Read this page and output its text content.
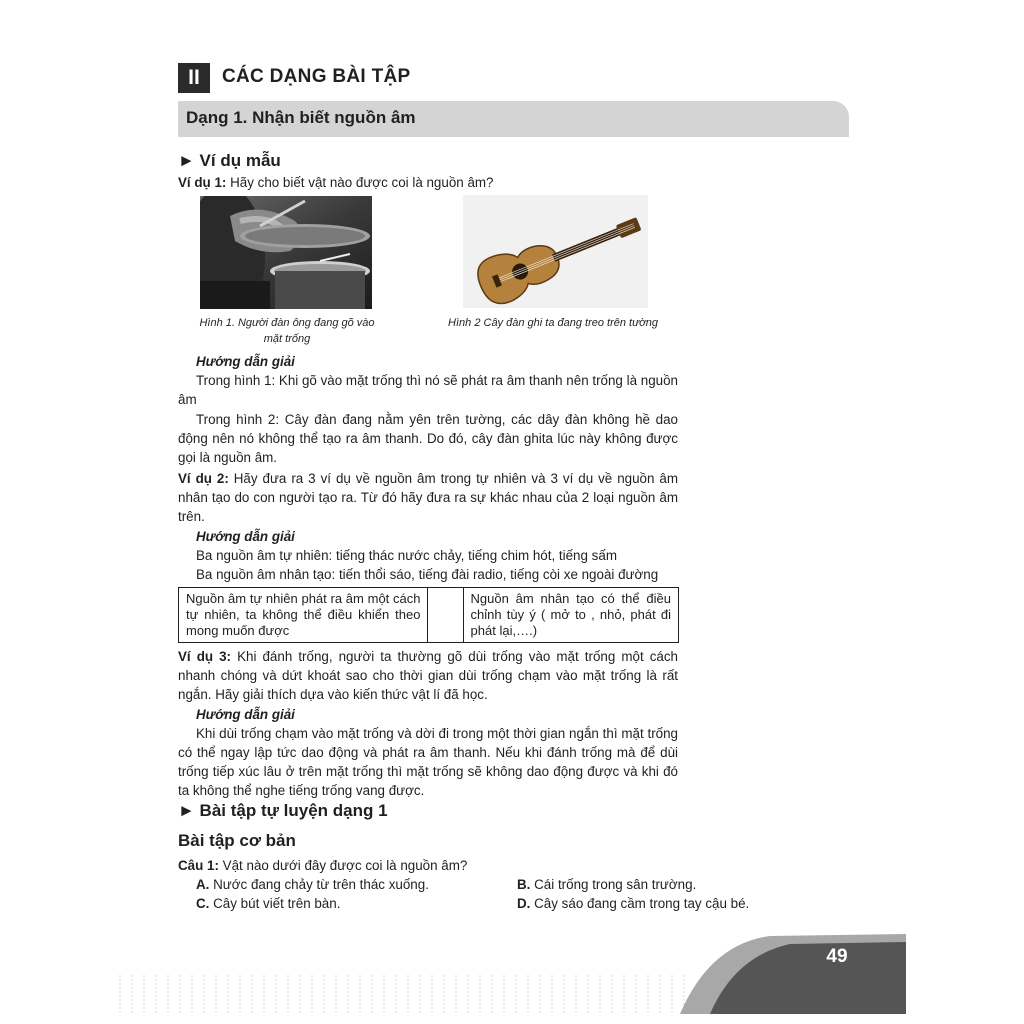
II	CÁC DẠNG BÀI TẬP
Dạng 1. Nhận biết nguồn âm
► Ví dụ mẫu
Ví dụ 1: Hãy cho biết vật nào được coi là nguồn âm?
Hình 1. Người đàn ông đang gõ vào
mặt trống
Hình 2 Cây đàn ghi ta đang treo trên tường

Hướng dẫn giải

Trong hình 1: Khi gõ vào mặt trống thì nó sẽ phát ra âm thanh nên trống là nguồn âm

Trong hình 2: Cây đàn đang nằm yên trên tường, các dây đàn không hề dao động nên nó không thể tạo ra âm thanh. Do đó, cây đàn ghita lúc này không được gọi là nguồn âm.

Ví dụ 2: Hãy đưa ra 3 ví dụ về nguồn âm trong tự nhiên và 3 ví dụ về nguồn âm nhân tạo do con người tạo ra. Từ đó hãy đưa ra sự khác nhau của 2 loại nguồn âm trên.

Hướng dẫn giải

Ba nguồn âm tự nhiên: tiếng thác nước chảy, tiếng chim hót, tiếng sấm

Ba nguồn âm nhân tạo: tiến thổi sáo, tiếng đài radio, tiếng còi xe ngoài đường

Nguồn âm tự nhiên phát ra âm một cách tự nhiên, ta không thể điều khiển theo mong muốn được		Nguồn âm nhân tạo có thể điều chỉnh tùy ý ( mở to , nhỏ, phát đi phát lại,….)

Ví dụ 3: Khi đánh trống, người ta thường gõ dùi trống vào mặt trống một cách nhanh chóng và dứt khoát sao cho thời gian dùi trống chạm vào mặt trống là rất ngắn. Hãy giải thích dựa vào kiến thức vật lí đã học.

Hướng dẫn giải

Khi dùi trống chạm vào mặt trống và dời đi trong một thời gian ngắn thì mặt trống có thể ngay lập tức dao động và phát ra âm thanh. Nếu khi đánh trống mà để dùi trống tiếp xúc lâu ở trên mặt trống thì mặt trống sẽ không dao động được và khi đó ta không thể nghe tiếng trống vang được.

► Bài tập tự luyện dạng 1
Bài tập cơ bản
Câu 1: Vật nào dưới đây được coi là nguồn âm?
A. Nước đang chảy từ trên thác xuống.	B. Cái trống trong sân trường.
C. Cây bút viết trên bàn.	D. Cây sáo đang cầm trong tay cậu bé.
49
